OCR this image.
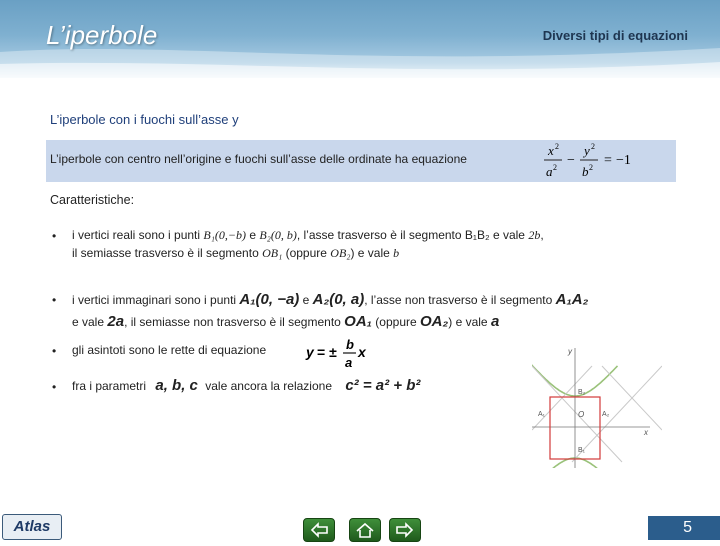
L’iperbole	Diversi tipi di equazioni
L’iperbole con i fuochi sull’asse y
L’iperbole con centro nell’origine e fuochi sull’asse delle ordinate ha equazione
x 2
a 2 −
y 2
b 2 = −1
Caratteristiche:
• i vertici reali sono i punti B₁(0,−b) e B₂(0, b), l’asse trasverso è il segmento B₁B₂ e vale 2b,
il semiasse trasverso è il segmento OB₁ (oppure OB₂) e vale b
• i vertici immaginari sono i punti A₁(0, −a) e A₂(0, a), l’asse non trasverso è il segmento A₁A₂
e vale 2a, il semiasse non trasverso è il segmento OA₁ (oppure OA₂) e vale a
• gli asintoti sono le rette di equazione	y = ± b
a
x
• fra i parametri a, b, c vale ancora la relazione c² = a² + b²
y
x
O
B₂
B₁
A₁	A₂
Atlas	5
